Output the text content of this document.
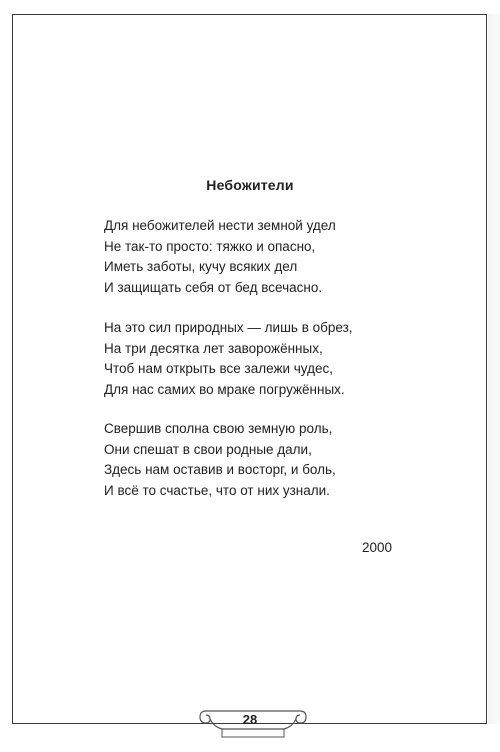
Небожители
Для небожителей нести земной удел
Не так-то просто: тяжко и опасно,
Иметь заботы, кучу всяких дел
И защищать себя от бед всечасно.
На это сил природных — лишь в обрез,
На три десятка лет заворожённых,
Чтоб нам открыть все залежи чудес,
Для нас самих во мраке погружённых.
Свершив сполна свою земную роль,
Они спешат в свои родные дали,
Здесь нам оставив и восторг, и боль,
И всё то счастье, что от них узнали.
2000
28
